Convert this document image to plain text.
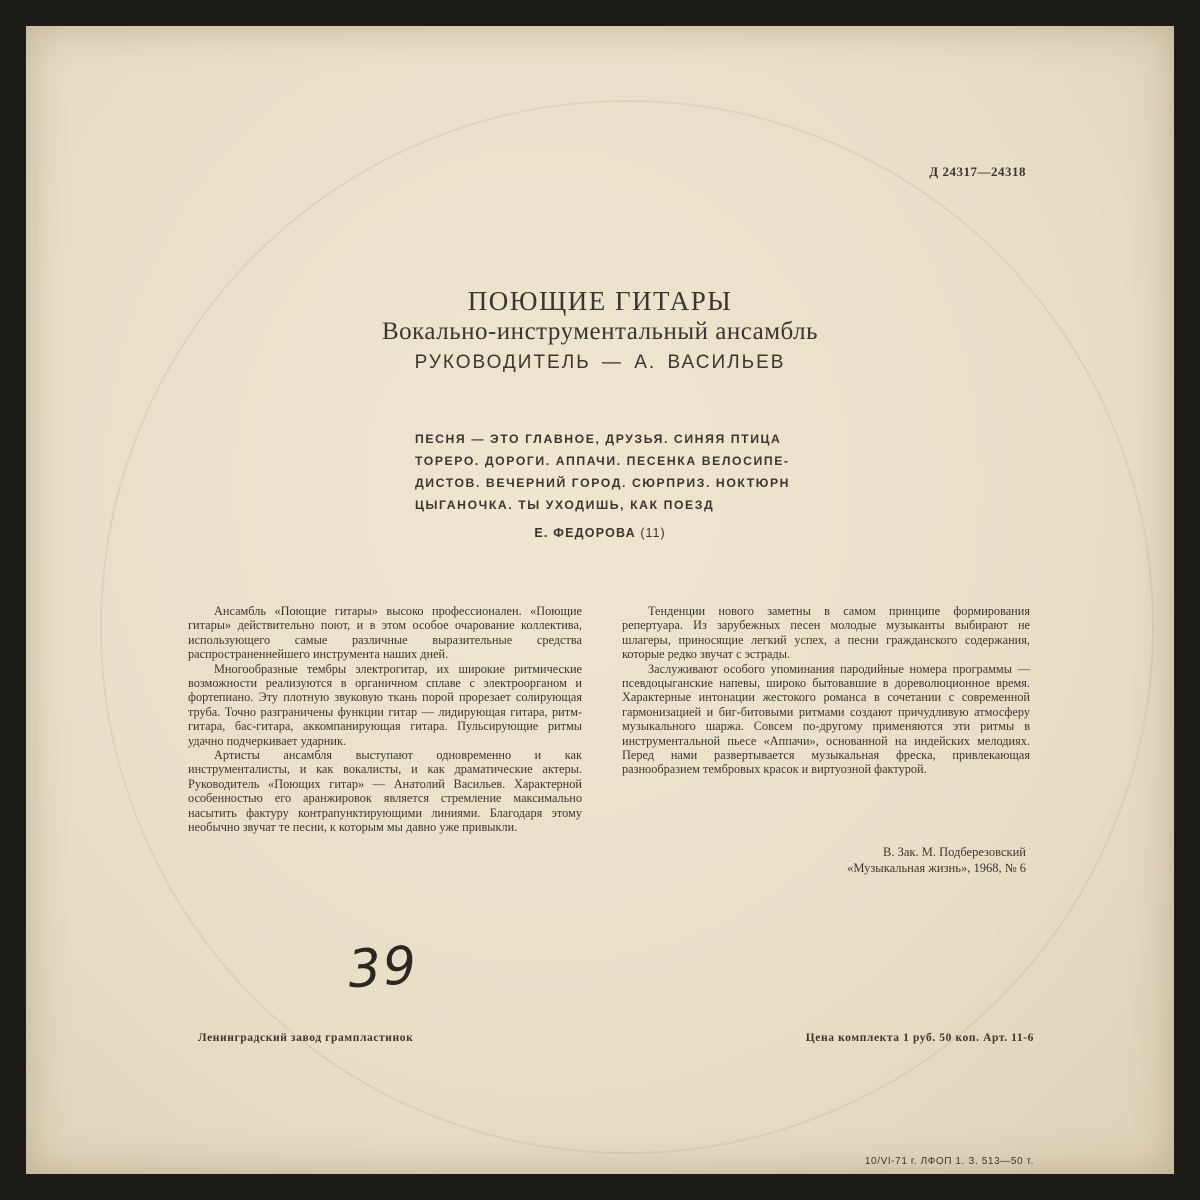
Д 24317—24318
ПОЮЩИЕ ГИТАРЫ
Вокально-инструментальный ансамбль
РУКОВОДИТЕЛЬ — А. ВАСИЛЬЕВ
ПЕСНЯ — ЭТО ГЛАВНОЕ, ДРУЗЬЯ. СИНЯЯ ПТИЦА
ТОРЕРО. ДОРОГИ. АППАЧИ. ПЕСЕНКА ВЕЛОСИПЕ-
ДИСТОВ. ВЕЧЕРНИЙ ГОРОД. СЮРПРИЗ. НОКТЮРН
ЦЫГАНОЧКА. ТЫ УХОДИШЬ, КАК ПОЕЗД
Е. ФЕДОРОВА (11)

Ансамбль «Поющие гитары» высоко профессионален. «Поющие гитары» действительно поют, и в этом особое очарование коллектива, использующего самые различные выразительные средства распространеннейшего инструмента наших дней.

Многообразные тембры электрогитар, их широкие ритмические возможности реализуются в органичном сплаве с электроорганом и фортепиано. Эту плотную звуковую ткань порой прорезает солирующая труба. Точно разграничены функции гитар — лидирующая гитара, ритм-гитара, бас-гитара, аккомпанирующая гитара. Пульсирующие ритмы удачно подчеркивает ударник.

Артисты ансамбля выступают одновременно и как инструменталисты, и как вокалисты, и как драматические актеры. Руководитель «Поющих гитар» — Анатолий Васильев. Характерной особенностью его аранжировок является стремление максимально насытить фактуру контрапунктирующими линиями. Благодаря этому необычно звучат те песни, к которым мы давно уже привыкли.

Тенденции нового заметны в самом принципе формирования репертуара. Из зарубежных песен молодые музыканты выбирают не шлагеры, приносящие легкий успех, а песни гражданского содержания, которые редко звучат с эстрады.

Заслуживают особого упоминания пародийные номера программы — псевдоцыганские напевы, широко бытовавшие в дореволюционное время. Характерные интонации жестокого романса в сочетании с современной гармонизацией и биг-битовыми ритмами создают причудливую атмосферу музыкального шаржа. Совсем по-другому применяются эти ритмы в инструментальной пьесе «Аппачи», основанной на индейских мелодиях. Перед нами развертывается музыкальная фреска, привлекающая разнообразием тембровых красок и виртуозной фактурой.

В. Зак. М. Подберезовский
«Музыкальная жизнь», 1968, № 6
39
Ленинградский завод грампластинок	Цена комплекта 1 руб. 50 коп. Арт. 11-6
10/VI-71 г. ЛФОП 1. З. 513—50 т.
